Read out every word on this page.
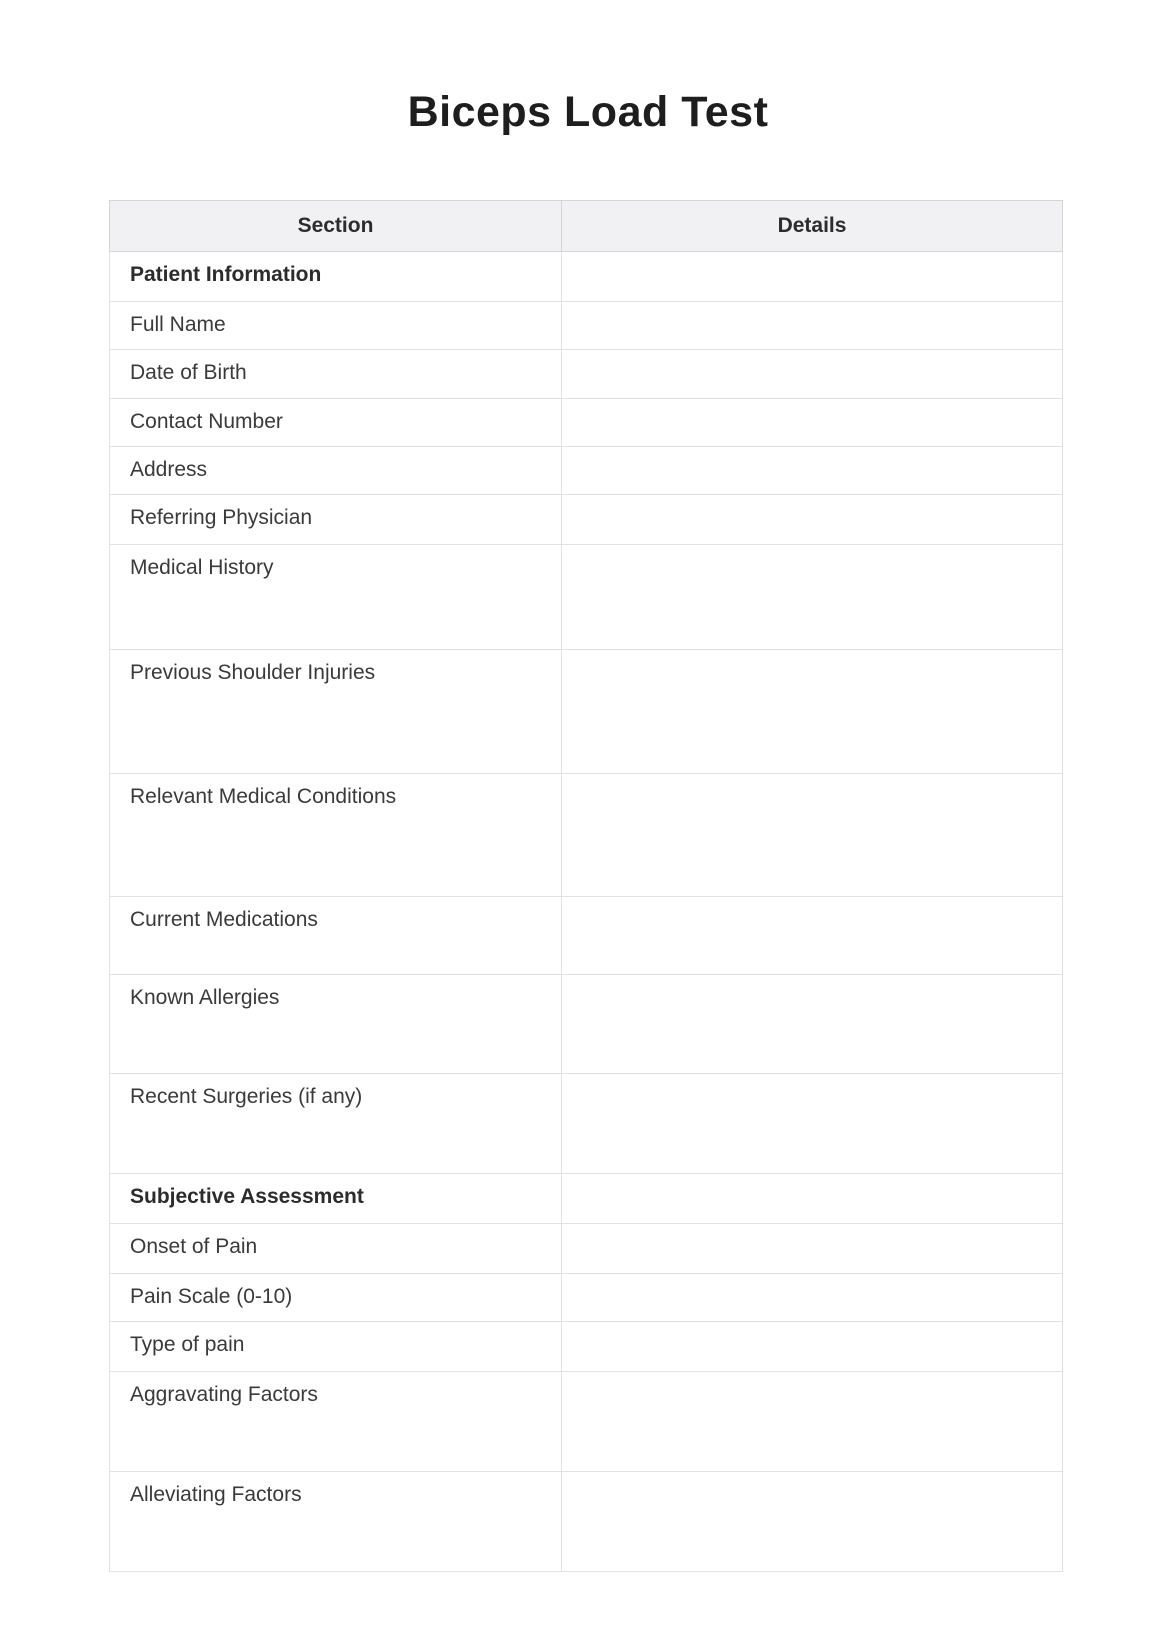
Biceps Load Test
Section	Details
Patient Information	
Full Name	
Date of Birth	
Contact Number	
Address	
Referring Physician	
Medical History	
Previous Shoulder Injuries	
Relevant Medical Conditions	
Current Medications	
Known Allergies	
Recent Surgeries (if any)	
Subjective Assessment	
Onset of Pain	
Pain Scale (0-10)	
Type of pain	
Aggravating Factors	
Alleviating Factors	
